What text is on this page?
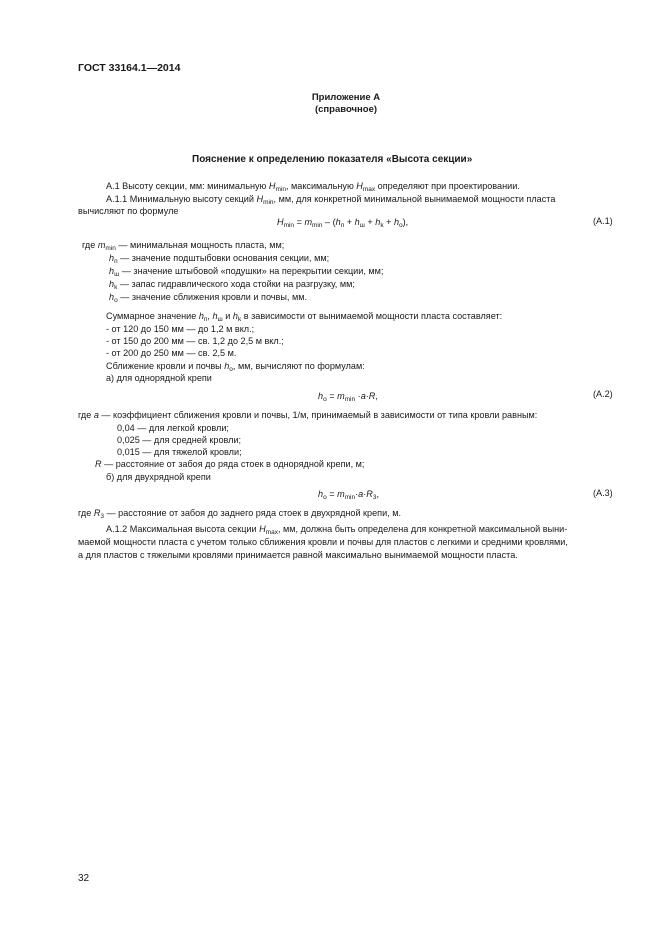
ГОСТ 33164.1—2014
Приложение А
(справочное)
Пояснение к определению показателя «Высота секции»
А.1 Высоту секции, мм: минимальную $H_{min}$, максимальную $H_{max}$ определяют при проектировании.
А.1.1 Минимальную высоту секций $H_{min}$, мм, для конкретной минимальной вынимаемой мощности пласта
вычисляют по формуле
$H_{min} = m_{min} - (h_п + h_ш + h_k + h_о)$,	(А.1)
где $m_{min}$ — минимальная мощность пласта, мм;
$h_п$ — значение подштыбовки основания секции, мм;
$h_ш$ — значение штыбовой «подушки» на перекрытии секции, мм;
$h_k$ — запас гидравлического хода стойки на разгрузку, мм;
$h_о$ — значение сближения кровли и почвы, мм.
Суммарное значение $h_п$, $h_ш$ и $h_k$ в зависимости от вынимаемой мощности пласта составляет:
- от 120 до 150 мм — до 1,2 м вкл.;
- от 150 до 200 мм — св. 1,2 до 2,5 м вкл.;
- от 200 до 250 мм — св. 2,5 м.
Сближение кровли и почвы $h_о$, мм, вычисляют по формулам:
а) для однорядной крепи
$h_о = m_{min} \cdot a\cdot R$,	(А.2)
где a — коэффициент сближения кровли и почвы, 1/м, принимаемый в зависимости от типа кровли равным:
0,04 — для легкой кровли;
0,025 — для средней кровли;
0,015 — для тяжелой кровли;
R — расстояние от забоя до ряда стоек в однорядной крепи, м;
б) для двухрядной крепи
$h_о = m_{min}\cdot a\cdot R_3$,	(А.3)
где $R_3$ — расстояние от забоя до заднего ряда стоек в двухрядной крепи, м.
А.1.2 Максимальная высота секции $H_{max}$, мм, должна быть определена для конкретной максимальной выни-
маемой мощности пласта с учетом только сближения кровли и почвы для пластов с легкими и средними кровлями,
а для пластов с тяжелыми кровлями принимается равной максимально вынимаемой мощности пласта.
32
